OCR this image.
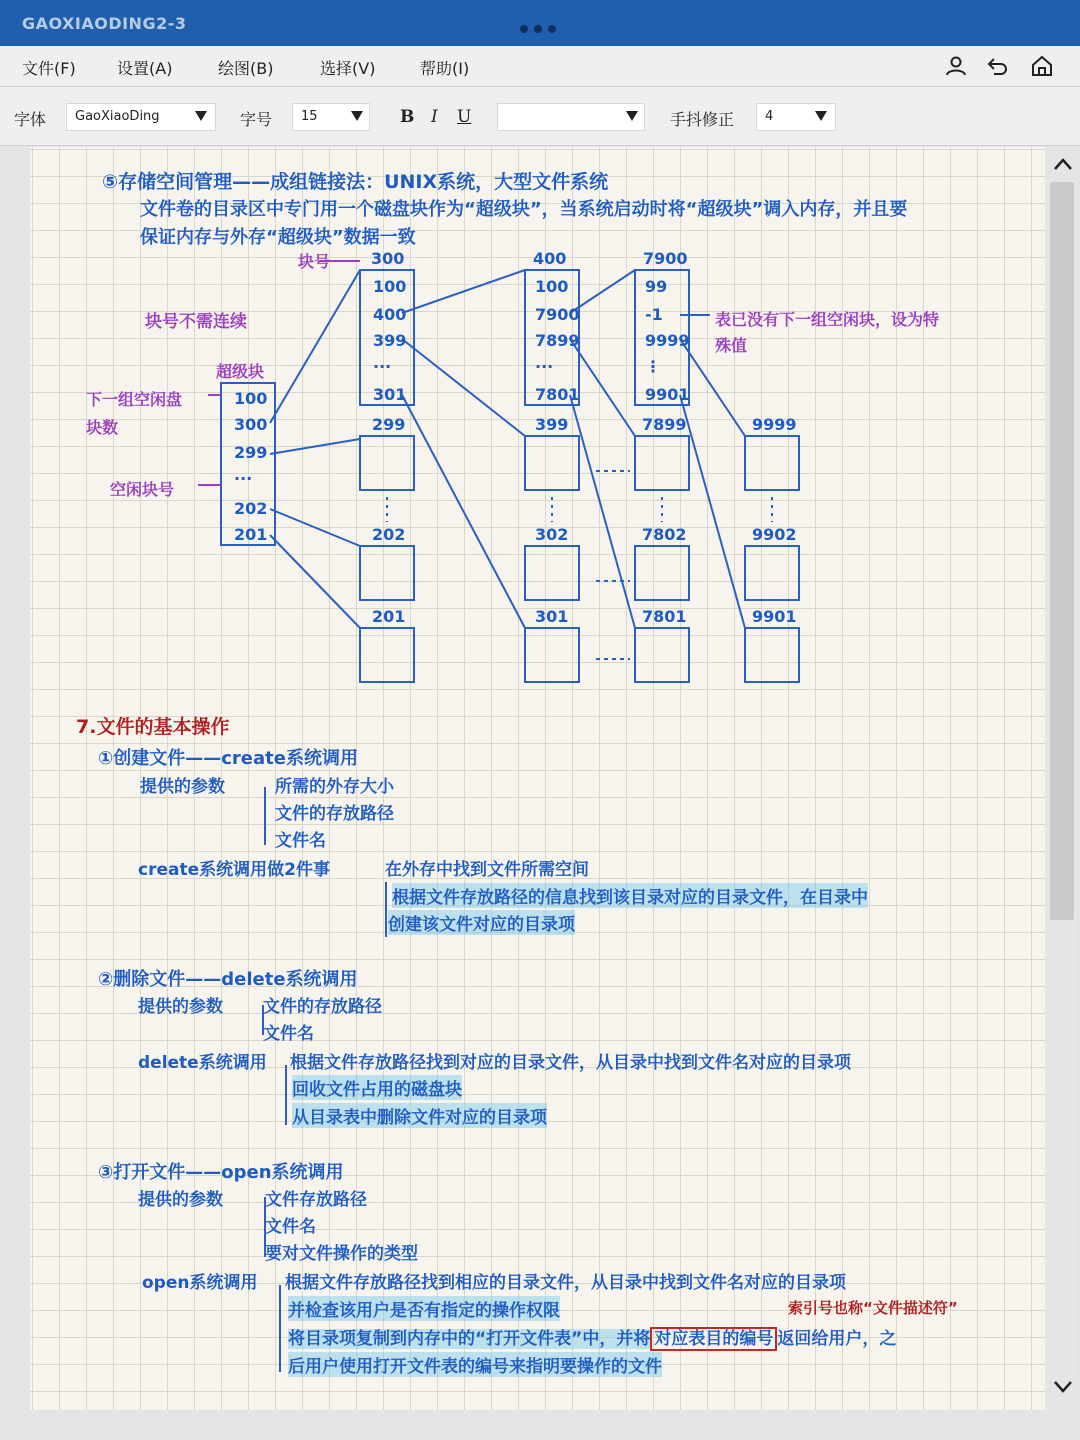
GAOXIAODING2-3
文件(F)	设置(A)	绘图(B)	选择(V)	帮助(I)
字体	GaoXiaoDing	字号	15	B I U	手抖修正	4
⑤存储空间管理——成组链接法：UNIX系统，大型文件系统
文件卷的目录区中专门用一个磁盘块作为“超级块”，当系统启动时将“超级块”调入内存，并且要
保证内存与外存“超级块”数据一致
块号
块号不需连续
超级块
下一组空闲盘
块数
空闲块号
表已没有下一组空闲块，设为特
殊值
100
300
299
···
202
201
300
100
400
399
···
301
400
100
7900
7899
···
7801
7900
99
-1
9999
⋮
9901
299
202
201
399
302
301
7899
7802
7801
9999
9902
9901
7.文件的基本操作
①创建文件——create系统调用
提供的参数	所需的外存大小
文件的存放路径
文件名
create系统调用做2件事	在外存中找到文件所需空间
根据文件存放路径的信息找到该目录对应的目录文件，在目录中
创建该文件对应的目录项
②删除文件——delete系统调用
提供的参数 文件的存放路径
文件名
delete系统调用 根据文件存放路径找到对应的目录文件，从目录中找到文件名对应的目录项
回收文件占用的磁盘块
从目录表中删除文件对应的目录项
③打开文件——open系统调用
提供的参数 文件存放路径
文件名
要对文件操作的类型
open系统调用 根据文件存放路径找到相应的目录文件，从目录中找到文件名对应的目录项
并检查该用户是否有指定的操作权限	索引号也称“文件描述符”
将目录项复制到内存中的“打开文件表”中，并将 对应表目的编号 返回给用户，之
后用户使用打开文件表的编号来指明要操作的文件
